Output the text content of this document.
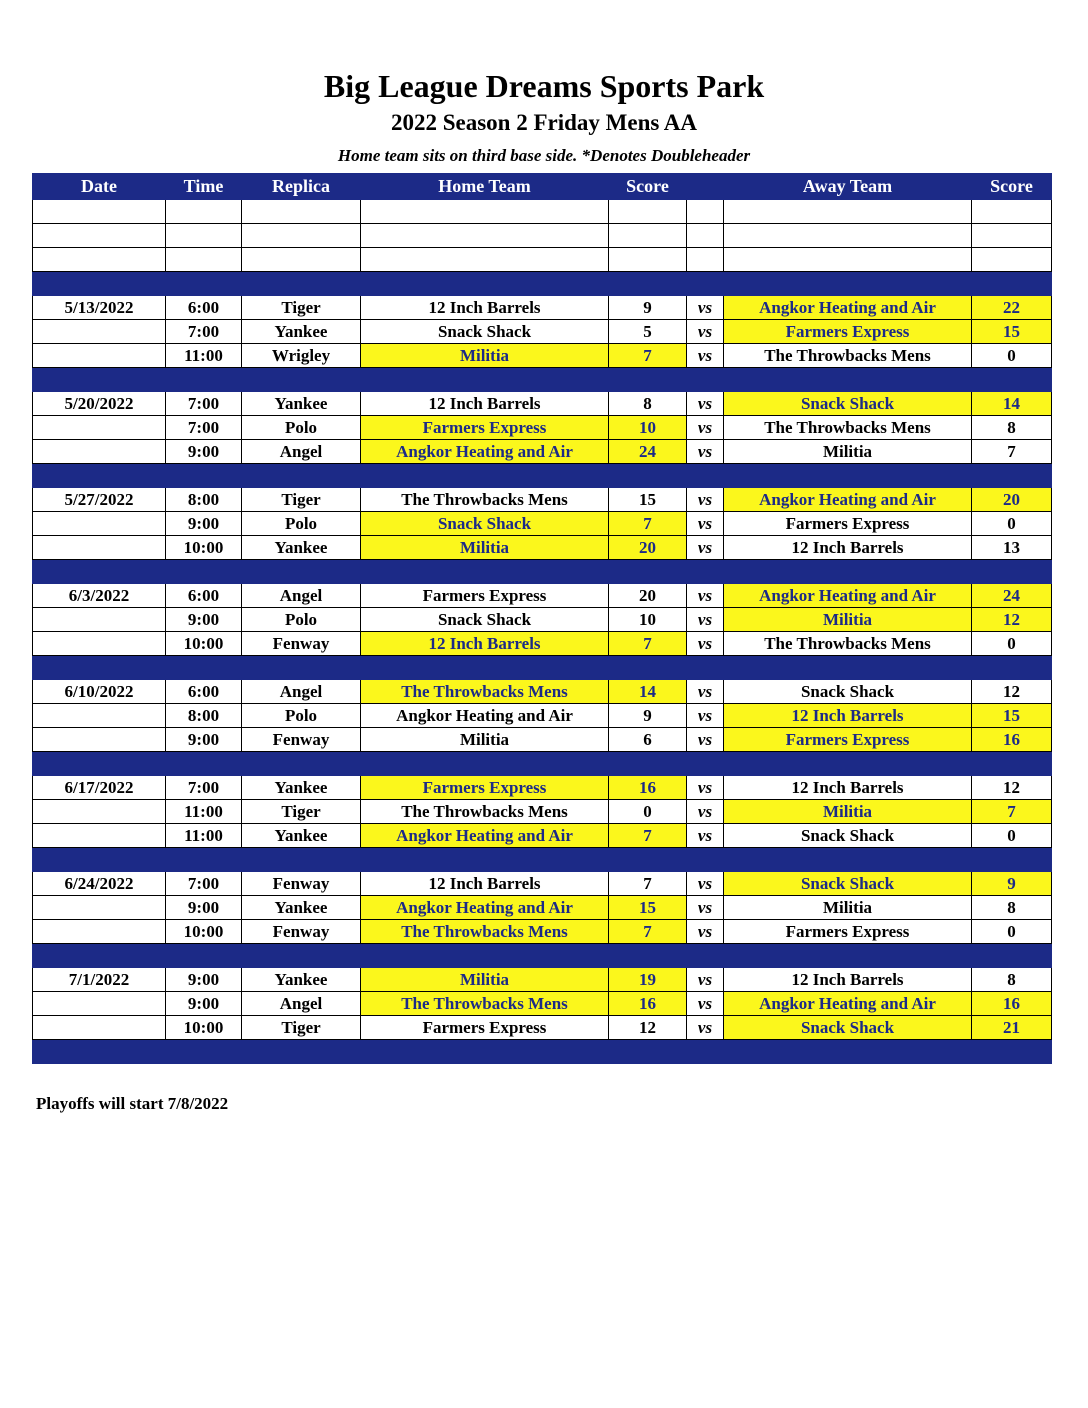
Big League Dreams Sports Park
2022 Season 2 Friday Mens AA
Home team sits on third base side. *Denotes Doubleheader
Date	Time	Replica	Home Team	Score		Away Team	Score

5/13/2022	6:00	Tiger	12 Inch Barrels	9	vs	Angkor Heating and Air	22
	7:00	Yankee	Snack Shack	5	vs	Farmers Express	15
	11:00	Wrigley	Militia	7	vs	The Throwbacks Mens	0

5/20/2022	7:00	Yankee	12 Inch Barrels	8	vs	Snack Shack	14
	7:00	Polo	Farmers Express	10	vs	The Throwbacks Mens	8
	9:00	Angel	Angkor Heating and Air	24	vs	Militia	7

5/27/2022	8:00	Tiger	The Throwbacks Mens	15	vs	Angkor Heating and Air	20
	9:00	Polo	Snack Shack	7	vs	Farmers Express	0
	10:00	Yankee	Militia	20	vs	12 Inch Barrels	13

6/3/2022	6:00	Angel	Farmers Express	20	vs	Angkor Heating and Air	24
	9:00	Polo	Snack Shack	10	vs	Militia	12
	10:00	Fenway	12 Inch Barrels	7	vs	The Throwbacks Mens	0

6/10/2022	6:00	Angel	The Throwbacks Mens	14	vs	Snack Shack	12
	8:00	Polo	Angkor Heating and Air	9	vs	12 Inch Barrels	15
	9:00	Fenway	Militia	6	vs	Farmers Express	16

6/17/2022	7:00	Yankee	Farmers Express	16	vs	12 Inch Barrels	12
	11:00	Tiger	The Throwbacks Mens	0	vs	Militia	7
	11:00	Yankee	Angkor Heating and Air	7	vs	Snack Shack	0

6/24/2022	7:00	Fenway	12 Inch Barrels	7	vs	Snack Shack	9
	9:00	Yankee	Angkor Heating and Air	15	vs	Militia	8
	10:00	Fenway	The Throwbacks Mens	7	vs	Farmers Express	0

7/1/2022	9:00	Yankee	Militia	19	vs	12 Inch Barrels	8
	9:00	Angel	The Throwbacks Mens	16	vs	Angkor Heating and Air	16
	10:00	Tiger	Farmers Express	12	vs	Snack Shack	21

Playoffs will start 7/8/2022
